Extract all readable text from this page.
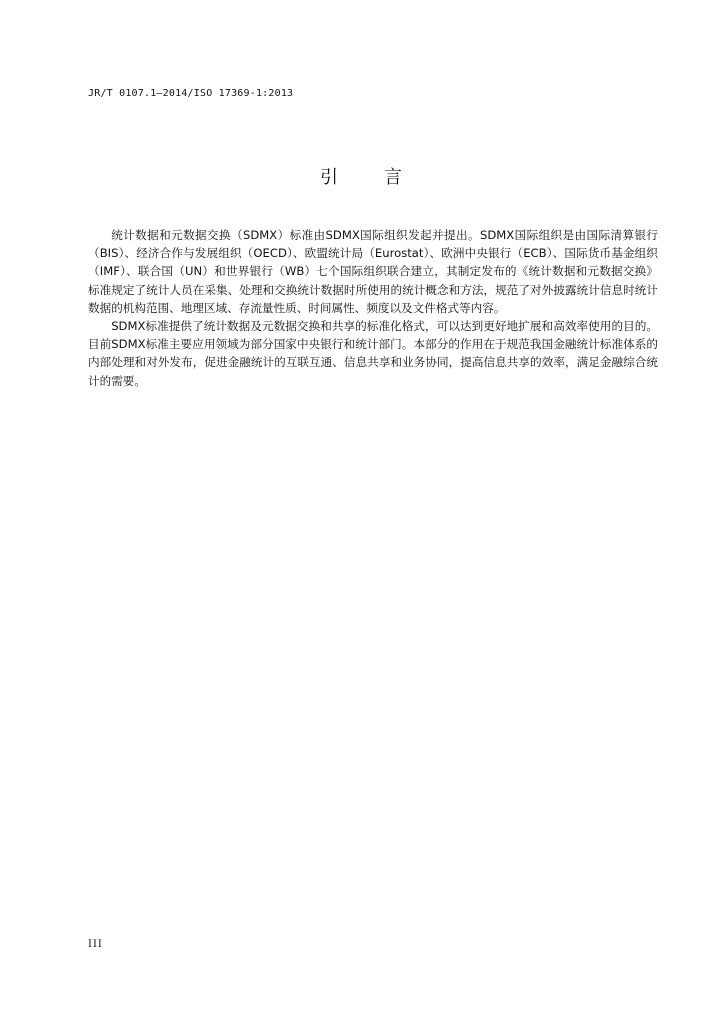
JR/T 0107.1—2014/ISO 17369-1:2013
引 言

统计数据和元数据交换（SDMX）标准由SDMX国际组织发起并提出。SDMX国际组织是由国际清算银行（BIS）、经济合作与发展组织（OECD）、欧盟统计局（Eurostat）、欧洲中央银行（ECB）、国际货币基金组织（IMF）、联合国（UN）和世界银行（WB）七个国际组织联合建立，其制定发布的《统计数据和元数据交换》标准规定了统计人员在采集、处理和交换统计数据时所使用的统计概念和方法，规范了对外披露统计信息时统计数据的机构范围、地理区域、存流量性质、时间属性、频度以及文件格式等内容。

SDMX标准提供了统计数据及元数据交换和共享的标准化格式，可以达到更好地扩展和高效率使用的目的。目前SDMX标准主要应用领域为部分国家中央银行和统计部门。本部分的作用在于规范我国金融统计标准体系的内部处理和对外发布，促进金融统计的互联互通、信息共享和业务协同，提高信息共享的效率，满足金融综合统计的需要。

III
